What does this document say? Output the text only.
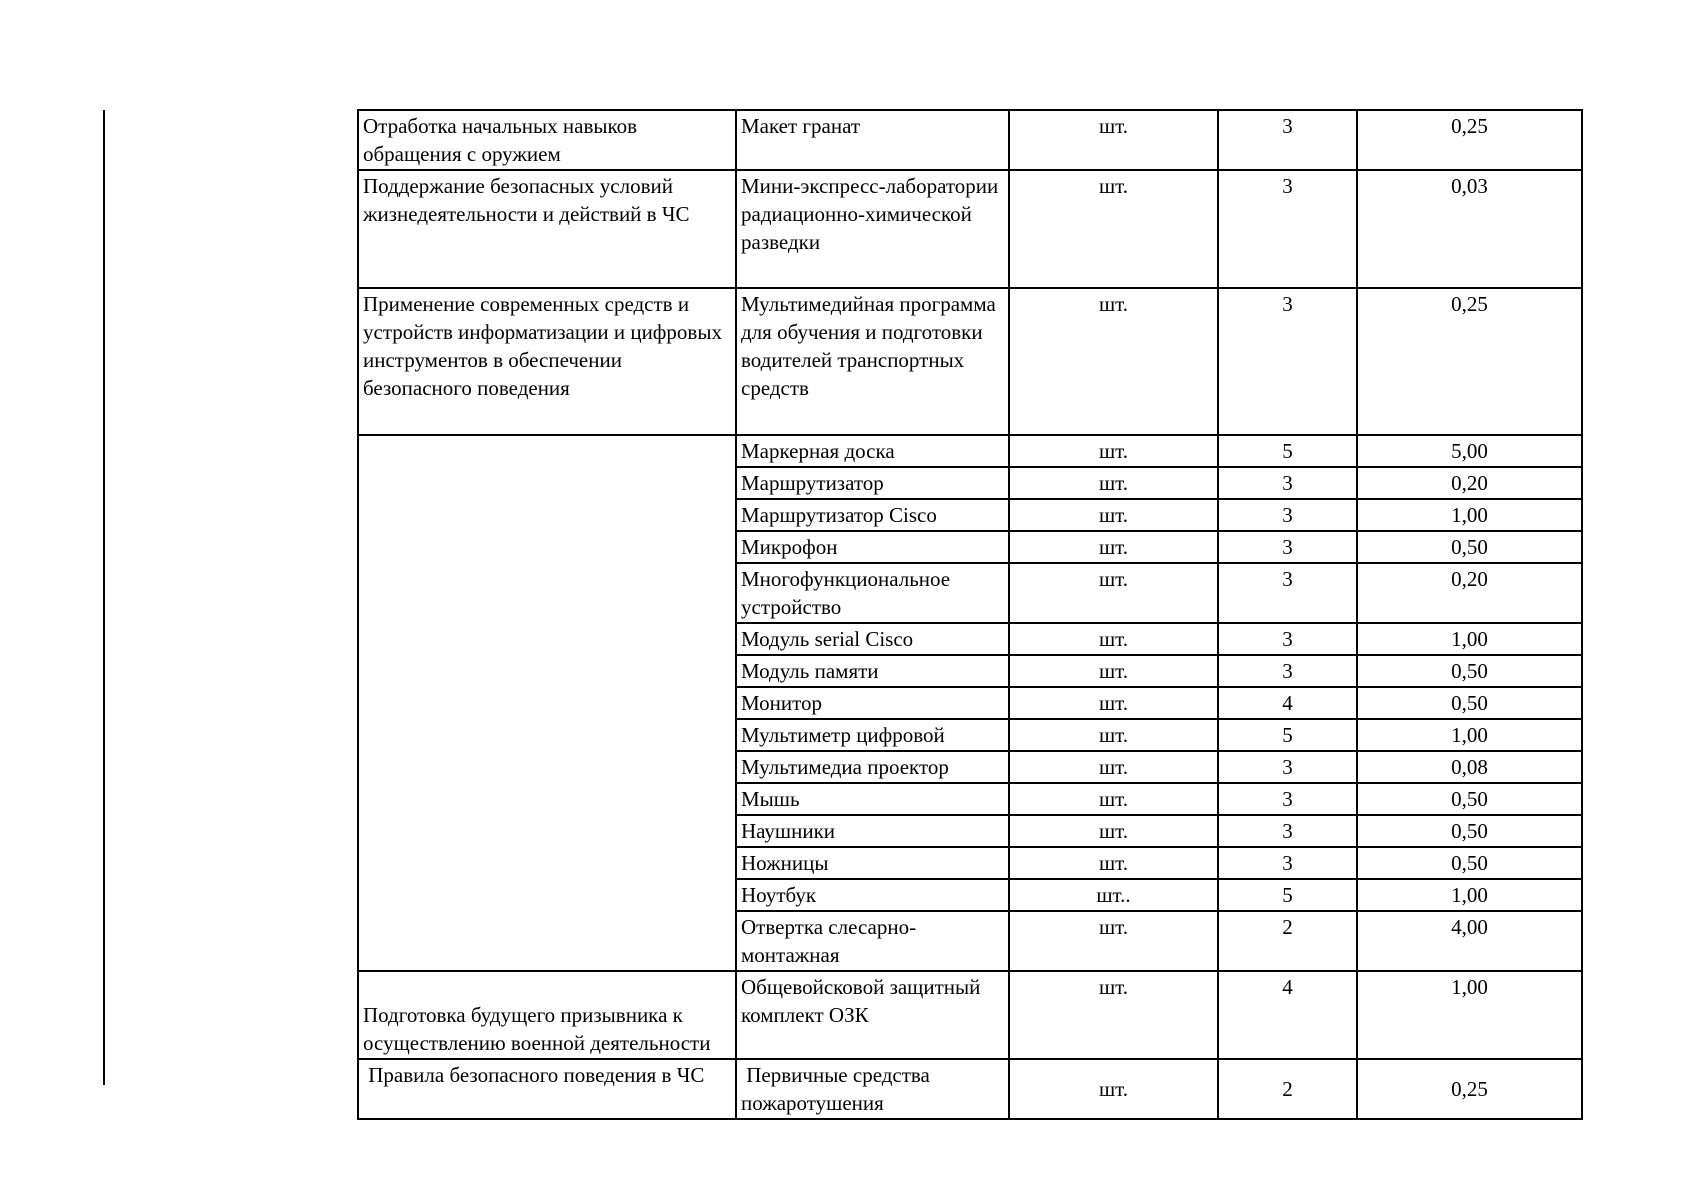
Отработка начальных навыков обращения с оружием	Макет гранат	шт.	3	0,25
Поддержание безопасных условий жизнедеятельности и действий в ЧС	Мини-экспресс-лаборатории радиационно-химической разведки	шт.	3	0,03
Применение современных средств и устройств информатизации и цифровых инструментов в обеспечении безопасного поведения	Мультимедийная программа для обучения и подготовки водителей транспортных средств	шт.	3	0,25
	Маркерная доска	шт.	5	5,00
	Маршрутизатор	шт.	3	0,20
	Маршрутизатор Cisco	шт.	3	1,00
	Микрофон	шт.	3	0,50
	Многофункциональное устройство	шт.	3	0,20
	Модуль serial Cisco	шт.	3	1,00
	Модуль памяти	шт.	3	0,50
	Монитор	шт.	4	0,50
	Мультиметр цифровой	шт.	5	1,00
	Мультимедиа проектор	шт.	3	0,08
	Мышь	шт.	3	0,50
	Наушники	шт.	3	0,50
	Ножницы	шт.	3	0,50
	Ноутбук	шт..	5	1,00
	Отвертка слесарно-монтажная	шт.	2	4,00
Подготовка будущего призывника к осуществлению военной деятельности	Общевойсковой защитный комплект ОЗК	шт.	4	1,00
Правила безопасного поведения в ЧС	Первичные средства пожаротушения	шт.	2	0,25
